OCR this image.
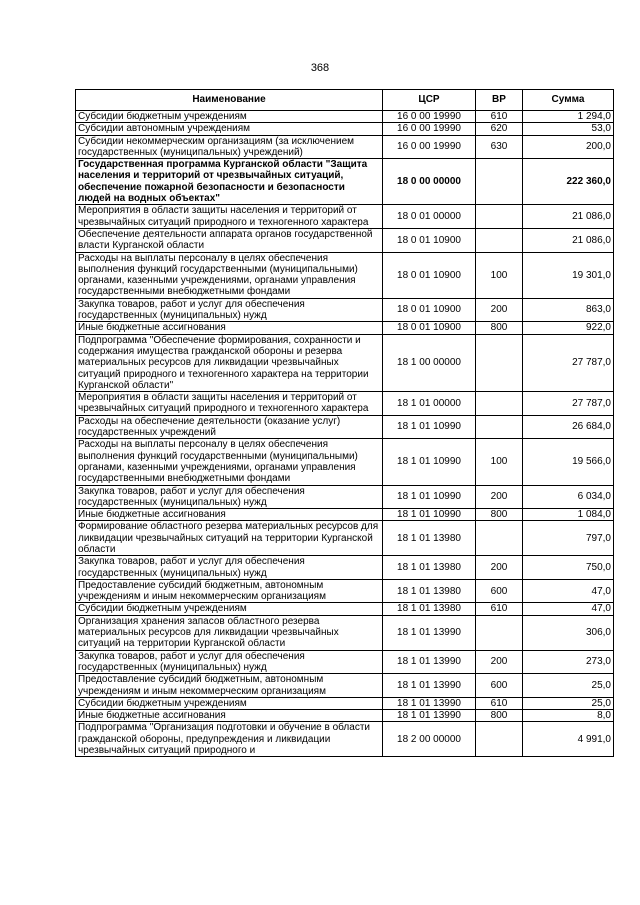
368
Наименование	ЦСР	ВР	Сумма
Субсидии бюджетным учреждениям	16 0 00 19990	610	1 294,0
Субсидии автономным учреждениям	16 0 00 19990	620	53,0
Субсидии некоммерческим организациям (за исключением государственных (муниципальных) учреждений)	16 0 00 19990	630	200,0
Государственная программа Курганской области "Защита населения и территорий от чрезвычайных ситуаций, обеспечение пожарной безопасности и безопасности людей на водных объектах"	18 0 00 00000		222 360,0
Мероприятия в области защиты населения и территорий от чрезвычайных ситуаций природного и техногенного характера	18 0 01 00000		21 086,0
Обеспечение деятельности аппарата органов государственной власти Курганской области	18 0 01 10900		21 086,0
Расходы на выплаты персоналу в целях обеспечения выполнения функций государственными (муниципальными) органами, казенными учреждениями, органами управления государственными внебюджетными фондами	18 0 01 10900	100	19 301,0
Закупка товаров, работ и услуг для обеспечения государственных (муниципальных) нужд	18 0 01 10900	200	863,0
Иные бюджетные ассигнования	18 0 01 10900	800	922,0
Подпрограмма "Обеспечение формирования, сохранности и содержания имущества гражданской обороны и резерва материальных ресурсов для ликвидации чрезвычайных ситуаций природного и техногенного характера на территории Курганской области"	18 1 00 00000		27 787,0
Мероприятия в области защиты населения и территорий от чрезвычайных ситуаций природного и техногенного характера	18 1 01 00000		27 787,0
Расходы на обеспечение деятельности (оказание услуг) государственных учреждений	18 1 01 10990		26 684,0
Расходы на выплаты персоналу в целях обеспечения выполнения функций государственными (муниципальными) органами, казенными учреждениями, органами управления государственными внебюджетными фондами	18 1 01 10990	100	19 566,0
Закупка товаров, работ и услуг для обеспечения государственных (муниципальных) нужд	18 1 01 10990	200	6 034,0
Иные бюджетные ассигнования	18 1 01 10990	800	1 084,0
Формирование областного резерва материальных ресурсов для ликвидации чрезвычайных ситуаций на территории Курганской области	18 1 01 13980		797,0
Закупка товаров, работ и услуг для обеспечения государственных (муниципальных) нужд	18 1 01 13980	200	750,0
Предоставление субсидий бюджетным, автономным учреждениям и иным некоммерческим организациям	18 1 01 13980	600	47,0
Субсидии бюджетным учреждениям	18 1 01 13980	610	47,0
Организация хранения запасов областного резерва материальных ресурсов для ликвидации чрезвычайных ситуаций на территории Курганской области	18 1 01 13990		306,0
Закупка товаров, работ и услуг для обеспечения государственных (муниципальных) нужд	18 1 01 13990	200	273,0
Предоставление субсидий бюджетным, автономным учреждениям и иным некоммерческим организациям	18 1 01 13990	600	25,0
Субсидии бюджетным учреждениям	18 1 01 13990	610	25,0
Иные бюджетные ассигнования	18 1 01 13990	800	8,0
Подпрограмма "Организация подготовки и обучение в области гражданской обороны, предупреждения и ликвидации чрезвычайных ситуаций природного и	18 2 00 00000		4 991,0
